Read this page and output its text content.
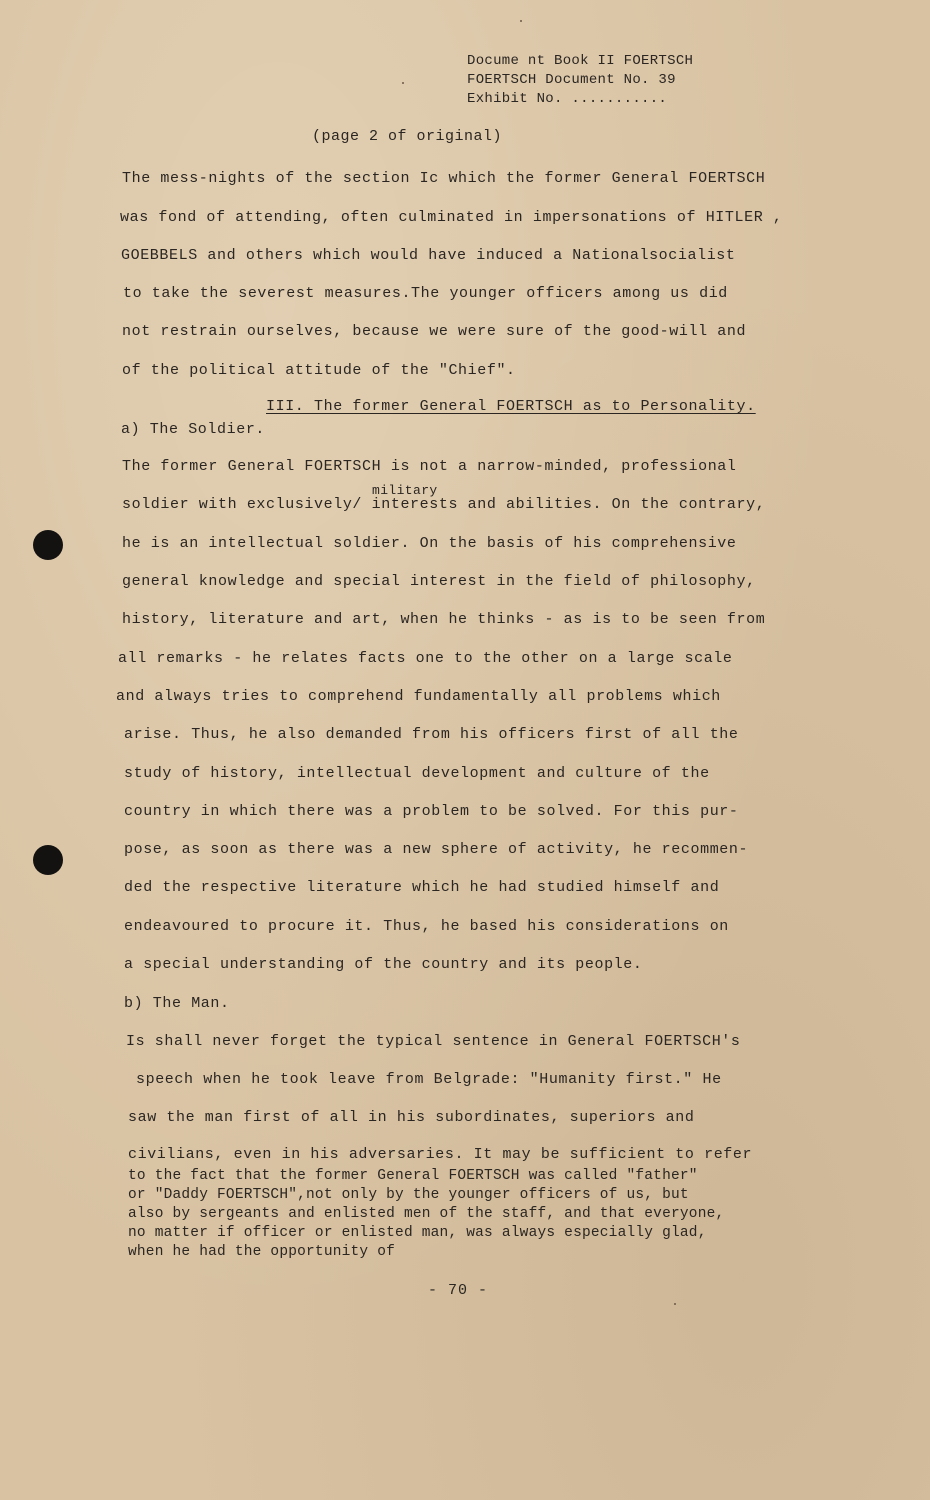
Docume nt Book II FOERTSCH
FOERTSCH Document No. 39
Exhibit No. ...........
(page 2 of original)
The mess-nights of the section Ic which the former General FOERTSCH
was fond of attending, often culminated in impersonations of HITLER ,
GOEBBELS and others which would have induced a Nationalsocialist
to take the severest measures.The younger officers among us did
not restrain ourselves, because we were sure of the good-will and
of the political attitude of the "Chief".
III. The former General FOERTSCH as to Personality.
a) The Soldier.
The former General FOERTSCH is not a narrow-minded, professional
military
soldier with exclusively/ interests and abilities. On the contrary,
he is an intellectual soldier. On the basis of his comprehensive
general knowledge and special interest in the field of philosophy,
history, literature and art, when he thinks - as is to be seen from
all remarks - he relates facts one to the other on a large scale
and always tries to comprehend fundamentally all problems which
arise. Thus, he also demanded from his officers first of all the
study of history, intellectual development and culture of the
country in which there was a problem to be solved. For this pur-
pose, as soon as there was a new sphere of activity, he recommen-
ded the respective literature which he had studied himself and
endeavoured to procure it. Thus, he based his considerations on
a special understanding of the country and its people.
b) The Man.
Is shall never forget the typical sentence in General FOERTSCH's
speech when he took leave from Belgrade: "Humanity first." He
saw the man first of all in his subordinates, superiors and
civilians, even in his adversaries. It may be sufficient to refer
to the fact that the former General FOERTSCH was called "father"
or "Daddy FOERTSCH",not only by the younger officers of us, but
also by sergeants and enlisted men of the staff, and that everyone,
no matter if officer or enlisted man, was always especially glad,
when he had the opportunity of
- 70 -
